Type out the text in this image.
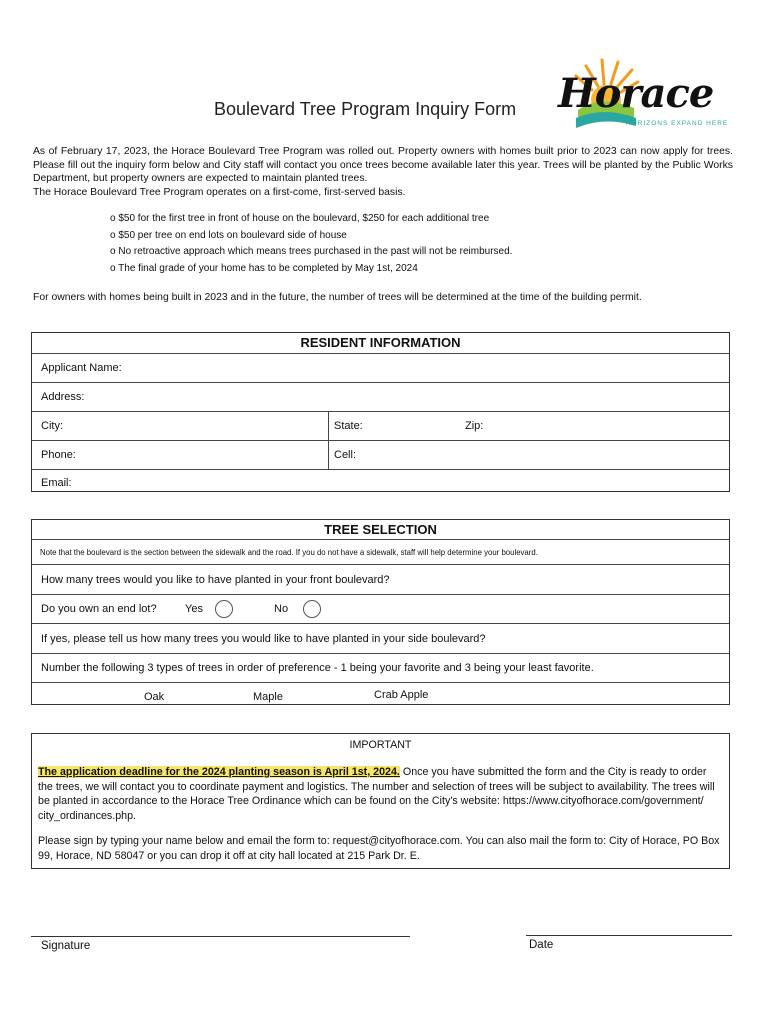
Boulevard Tree Program Inquiry Form Horace
HORIZONS EXPAND HERE

As of February 17, 2023, the Horace Boulevard Tree Program was rolled out. Property owners with homes built prior to 2023 can now apply for trees. Please fill out the inquiry form below and City staff will contact you once trees become available later this year. Trees will be planted by the Public Works Department, but property owners are expected to maintain planted trees.

The Horace Boulevard Tree Program operates on a first-come, first-served basis.

o $50 for the first tree in front of house on the boulevard, $250 for each additional tree
o $50 per tree on end lots on boulevard side of house
o No retroactive approach which means trees purchased in the past will not be reimbursed.
o The final grade of your home has to be completed by May 1st, 2024
For owners with homes being built in 2023 and in the future, the number of trees will be determined at the time of the building permit.
RESIDENT INFORMATION
Applicant Name:
Address:
City:	State:	Zip:
Phone:	Cell:
Email:
TREE SELECTION
Note that the boulevard is the section between the sidewalk and the road. If you do not have a sidewalk, staff will help determine your boulevard.
How many trees would you like to have planted in your front boulevard?
Do you own an end lot?	Yes	No
If yes, please tell us how many trees you would like to have planted in your side boulevard?
Number the following 3 types of trees in order of preference - 1 being your favorite and 3 being your least favorite.
Oak	Maple	Crab Apple
IMPORTANT
The application deadline for the 2024 planting season is April 1st, 2024. Once you have submitted the form and the City is ready to order the trees, we will contact you to coordinate payment and logistics. The number and selection of trees will be subject to availability. The trees will be planted in accordance to the Horace Tree Ordinance which can be found on the City's website: https://www.cityofhorace.com/government/ city_ordinances.php.
Please sign by typing your name below and email the form to: request@cityofhorace.com. You can also mail the form to: City of Horace, PO Box 99, Horace, ND 58047 or you can drop it off at city hall located at 215 Park Dr. E.
Signature	Date
